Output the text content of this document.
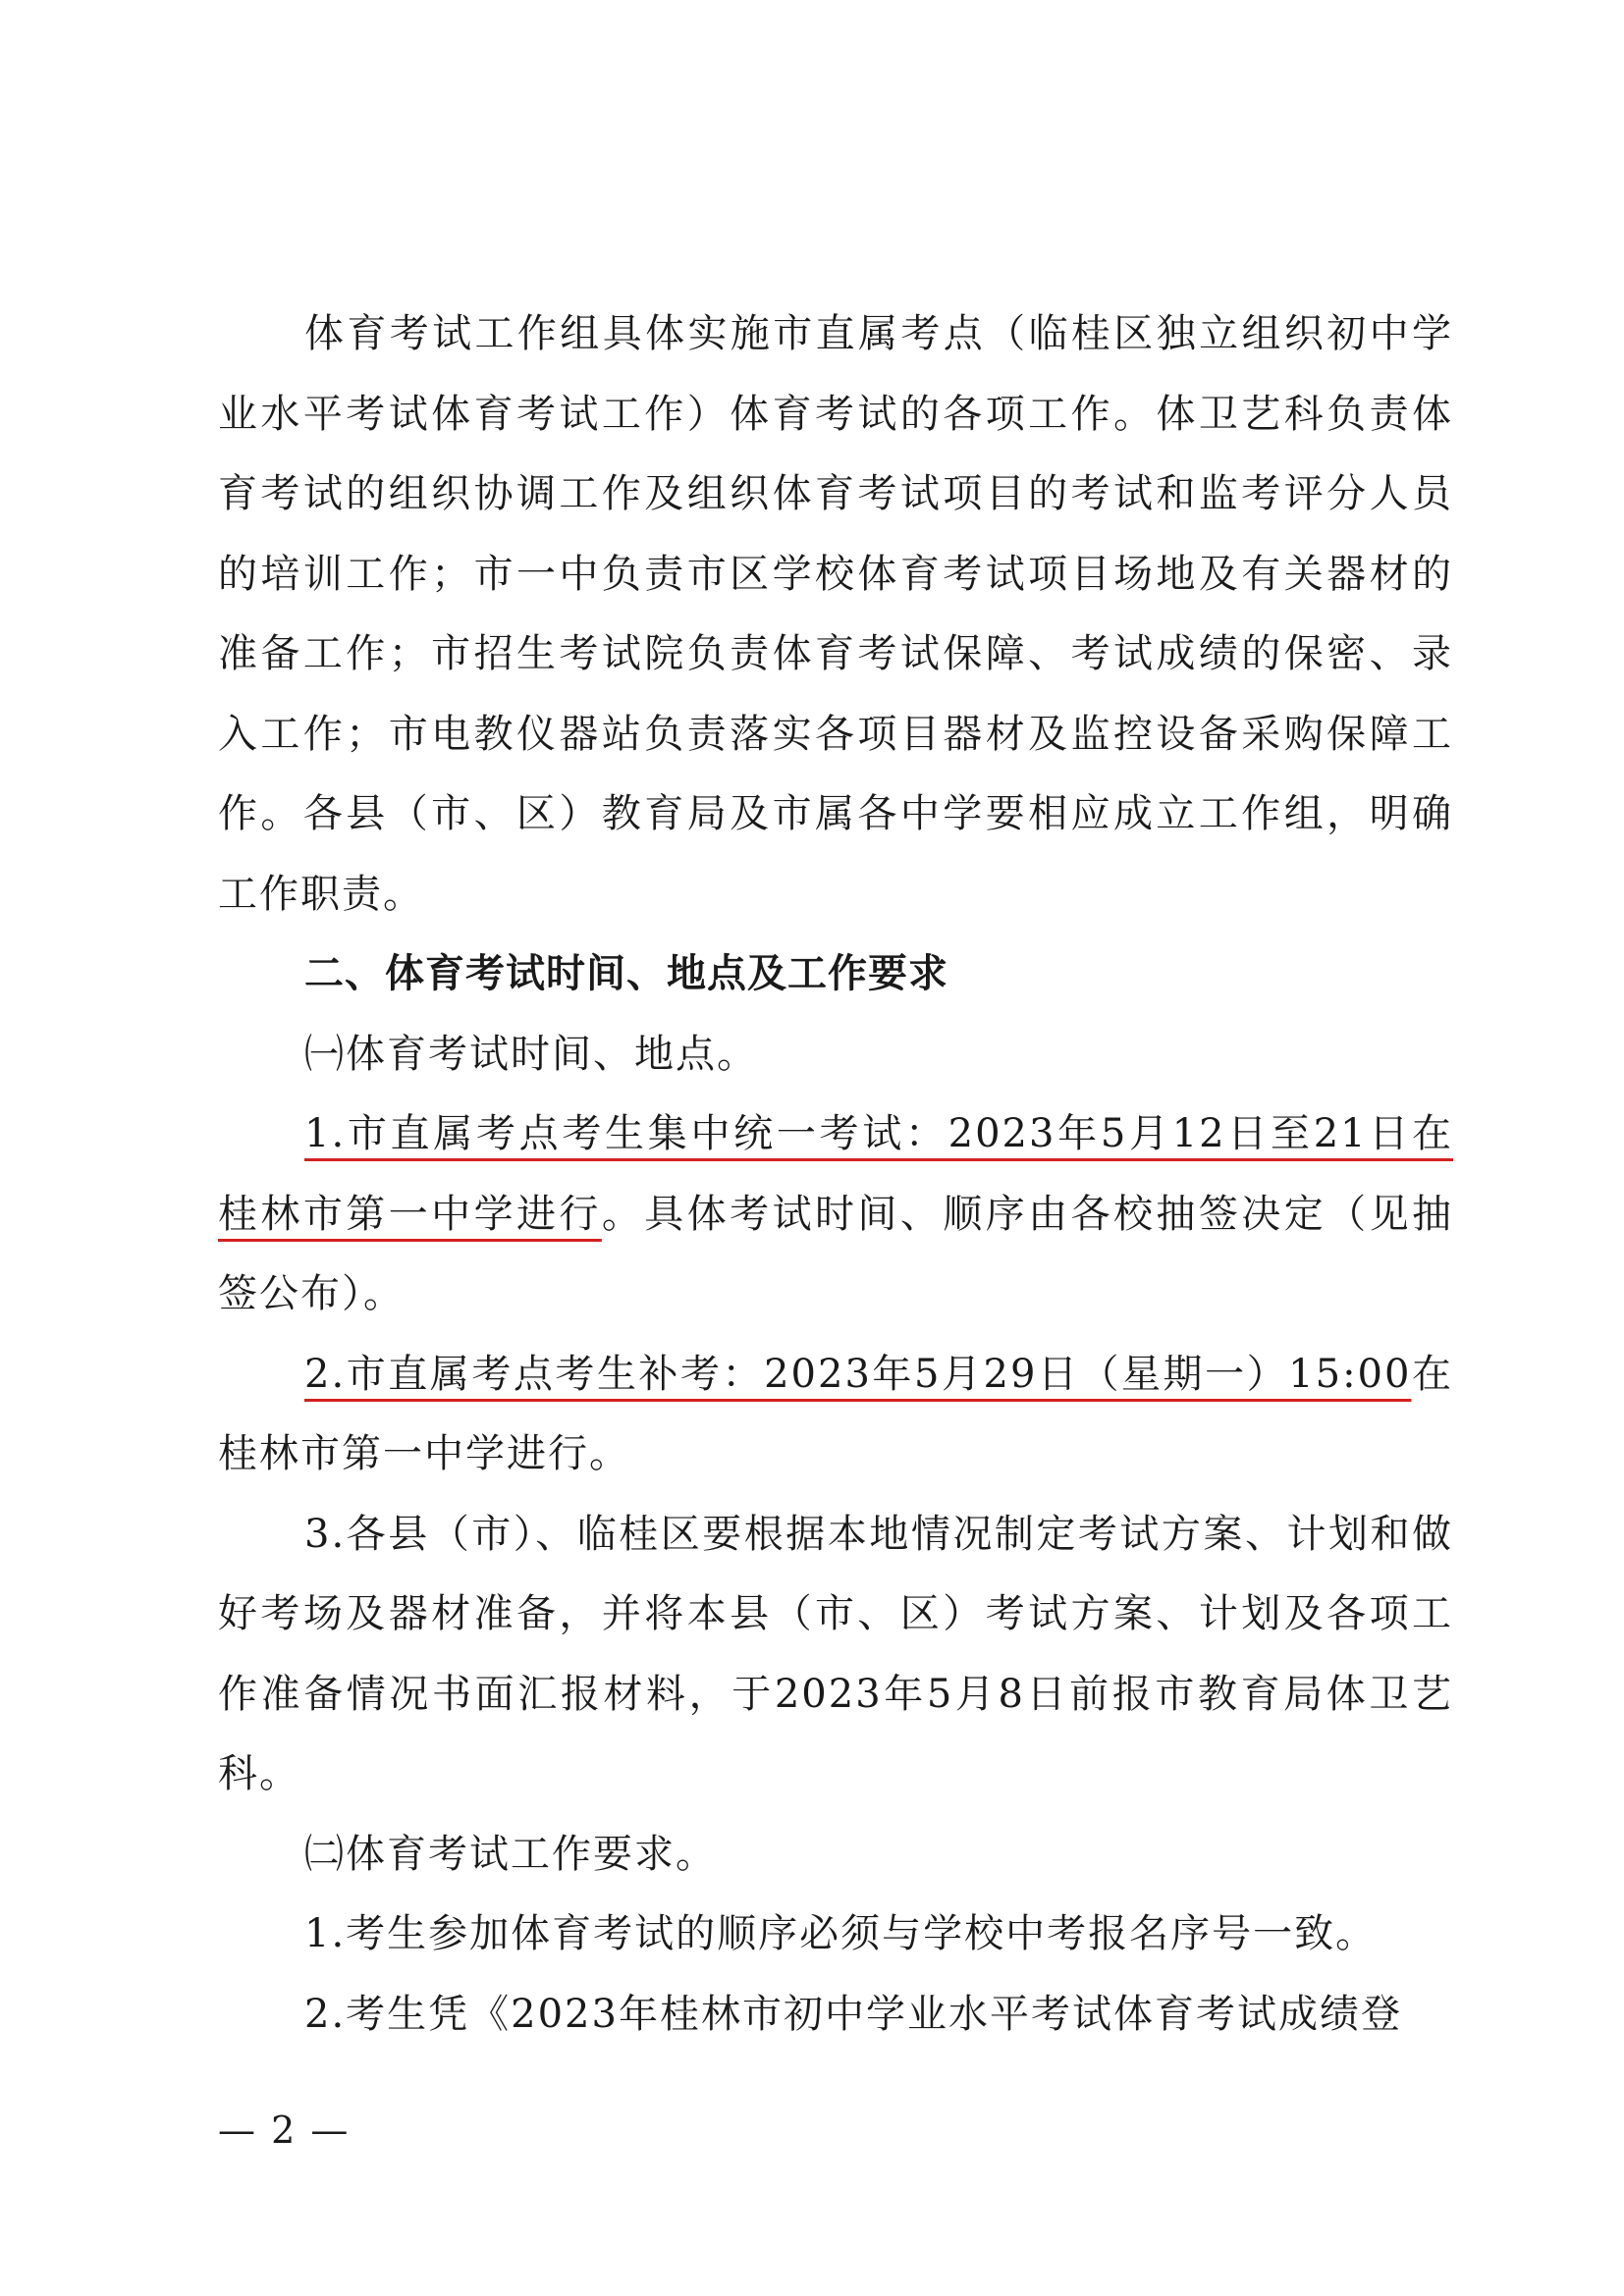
体育考试工作组具体实施市直属考点（临桂区独立组织初中学业水平考试体育考试工作）体育考试的各项工作。体卫艺科负责体育考试的组织协调工作及组织体育考试项目的考试和监考评分人员的培训工作；市一中负责市区学校体育考试项目场地及有关器材的准备工作；市招生考试院负责体育考试保障、考试成绩的保密、录入工作；市电教仪器站负责落实各项目器材及监控设备采购保障工作。各县（市、区）教育局及市属各中学要相应成立工作组，明确工作职责。

二、体育考试时间、地点及工作要求

㈠体育考试时间、地点。

1.市直属考点考生集中统一考试：2023年5月12日至21日在桂林市第一中学进行。具体考试时间、顺序由各校抽签决定（见抽签公布）。

2.市直属考点考生补考：2023年5月29日（星期一）15:00在桂林市第一中学进行。

3.各县（市）、临桂区要根据本地情况制定考试方案、计划和做好考场及器材准备，并将本县（市、区）考试方案、计划及各项工作准备情况书面汇报材料，于2023年5月8日前报市教育局体卫艺科。

㈡体育考试工作要求。

1.考生参加体育考试的顺序必须与学校中考报名序号一致。

2.考生凭《2023年桂林市初中学业水平考试体育考试成绩登

— 2 —
